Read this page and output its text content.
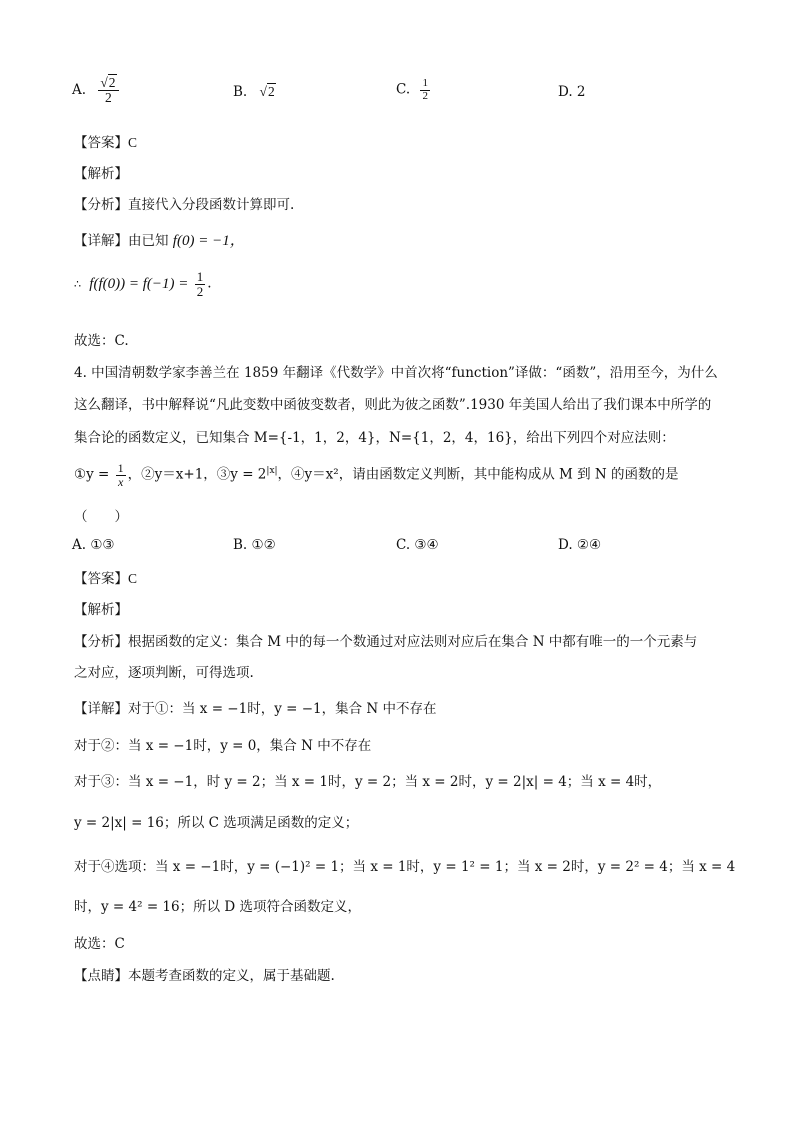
A. $\frac{√2}{2}$	B. √2	C. $\frac{1}{2}$	D. 2
【答案】C
【解析】
【分析】直接代入分段函数计算即可.
【详解】由已知 f(0) = −1，
∴ $f(f(0)) = f(-1) = \frac{1}{2}$ .
故选：C.
4. 中国清朝数学家李善兰在 1859 年翻译《代数学》中首次将“function”译做：“函数”，沿用至今，为什么
这么翻译，书中解释说“凡此变数中函彼变数者，则此为彼之函数”.1930 年美国人给出了我们课本中所学的
集合论的函数定义，已知集合 M={-1，1，2，4}，N={1，2，4，16}，给出下列四个对应法则：
①y = $\frac{1}{x}$ ，②y＝x+1，③y = $2^{|x|}$，④y＝x²，请由函数定义判断，其中能构成从 M 到 N 的函数的是
（　　）
A. ①③	B. ①②	C. ③④	D. ②④
【答案】C
【解析】
【分析】根据函数的定义：集合 M 中的每一个数通过对应法则对应后在集合 N 中都有唯一的一个元素与
之对应，逐项判断，可得选项.
【详解】对于①：当 x = −1时，y = −1，集合 N 中不存在
对于②：当 x = −1时，y = 0，集合 N 中不存在
对于③：当 x = −1，时 y = 2；当 x = 1时，y = 2；当 x = 2时，y = 2|x| = 4；当 x = 4时，
y = 2|x| = 16；所以 C 选项满足函数的定义；
对于④选项：当 x = −1时，y = (−1)² = 1；当 x = 1时，y = 1² = 1；当 x = 2时，y = 2² = 4；当 x = 4
时，y = 4² = 16；所以 D 选项符合函数定义，
故选：C
【点睛】本题考查函数的定义，属于基础题.
